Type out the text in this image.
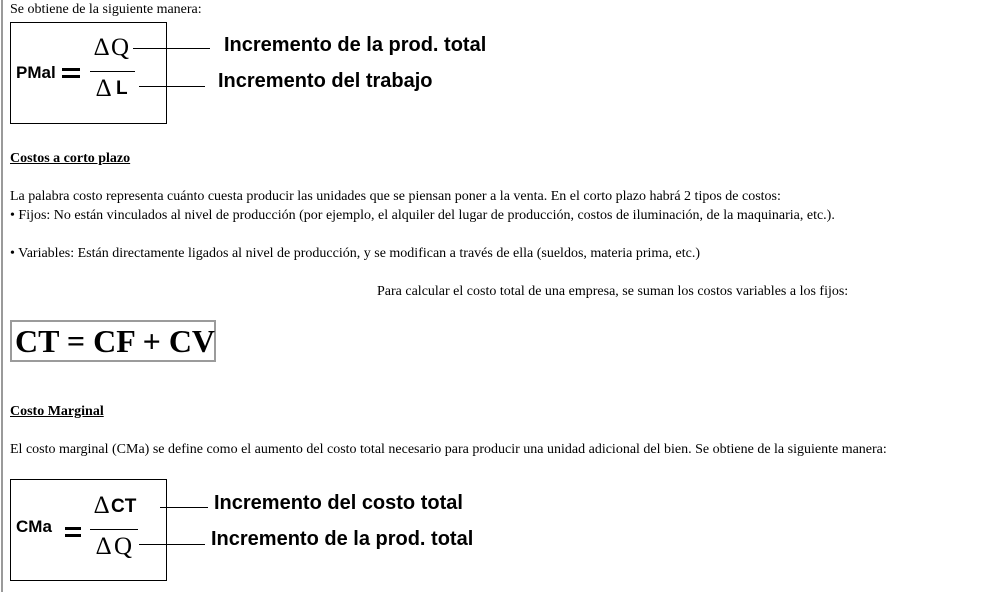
Se obtiene de la siguiente manera:
PMal
∆ Q
∆ L
Incremento de la prod. total
Incremento del trabajo
Costos a corto plazo
La palabra costo representa cuánto cuesta producir las unidades que se piensan poner a la venta. En el corto plazo habrá 2 tipos de costos:
• Fijos: No están vinculados al nivel de producción (por ejemplo, el alquiler del lugar de producción, costos de iluminación, de la maquinaria, etc.).
• Variables: Están directamente ligados al nivel de producción, y se modifican a través de ella (sueldos, materia prima, etc.)
Para calcular el costo total de una empresa, se suman los costos variables a los fijos:
CT = CF + CV
Costo Marginal
El costo marginal (CMa) se define como el aumento del costo total necesario para producir una unidad adicional del bien. Se obtiene de la siguiente manera:
CMa
∆ CT
∆ Q
Incremento del costo total
Incremento de la prod. total
